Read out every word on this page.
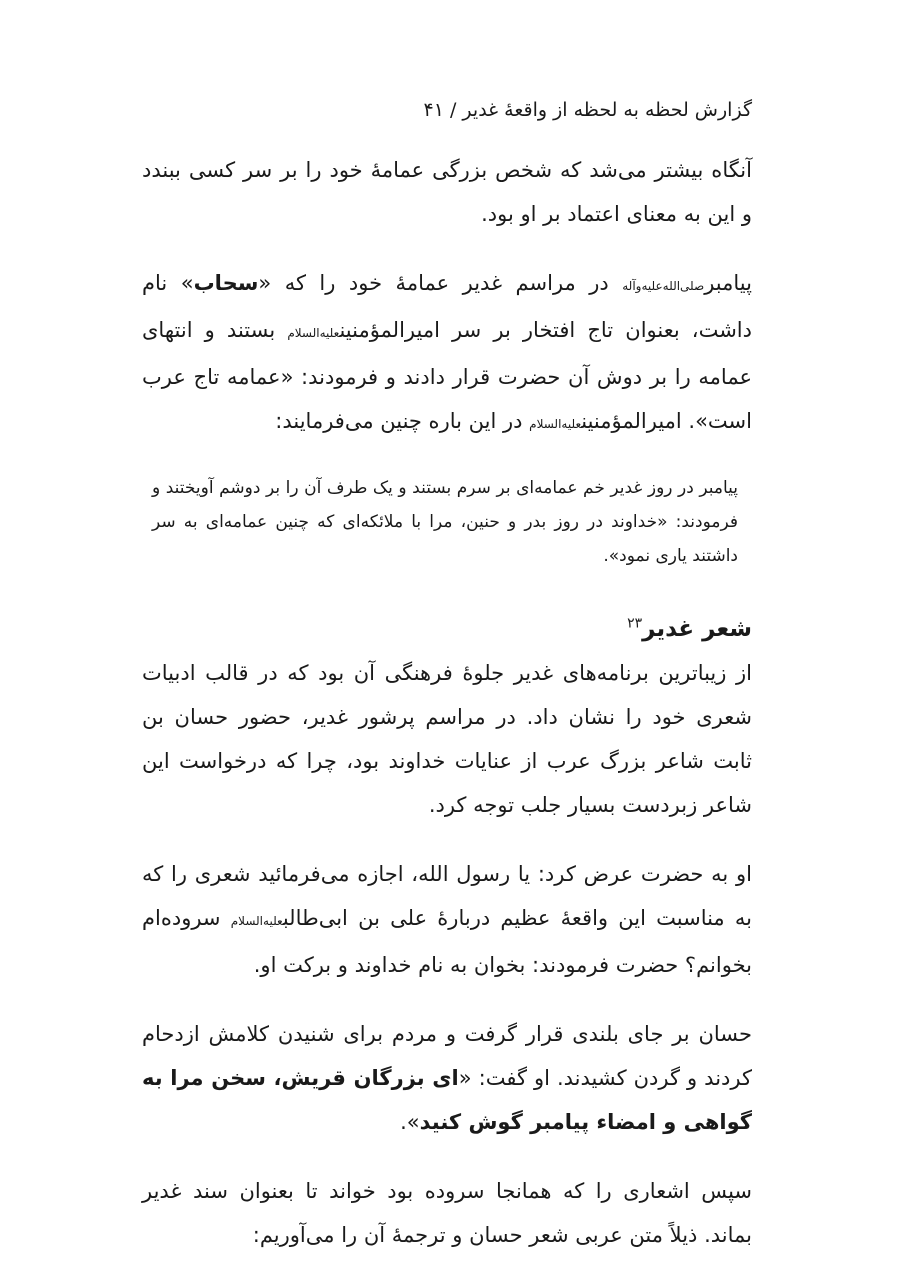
گزارش لحظه به لحظه از واقعۀ غدیر / ۴۱

آنگاه بیشتر می‌شد که شخص بزرگی عمامۀ خود را بر سر کسی ببندد و این به معنای اعتماد بر او بود.

پیامبرصلی‌الله‌علیه‌وآله در مراسم غدیر عمامۀ خود را که «سحاب» نام داشت، بعنوان تاج افتخار بر سر امیرالمؤمنینعلیه‌السلام بستند و انتهای عمامه را بر دوش آن حضرت قرار دادند و فرمودند: «عمامه تاج عرب است». امیرالمؤمنینعلیه‌السلام در این باره چنین می‌فرمایند:

پیامبر در روز غدیر خم عمامه‌ای بر سرم بستند و یک طرف آن را بر دوشم آویختند و فرمودند: «خداوند در روز بدر و حنین، مرا با ملائکه‌ای که چنین عمامه‌ای به سر داشتند یاری نمود».

شعر غدیر$^{۲۳}$

از زیباترین برنامه‌های غدیر جلوۀ فرهنگی آن بود که در قالب ادبیات شعری خود را نشان داد. در مراسم پرشور غدیر، حضور حسان بن ثابت شاعر بزرگ عرب از عنایات خداوند بود، چرا که درخواست این شاعر زبردست بسیار جلب توجه کرد.

او به حضرت عرض کرد: یا رسول الله، اجازه می‌فرمائید شعری را که به مناسبت این واقعۀ عظیم دربارۀ علی بن ابی‌طالبعلیه‌السلام سروده‌ام بخوانم؟ حضرت فرمودند: بخوان به نام خداوند و برکت او.

حسان بر جای بلندی قرار گرفت و مردم برای شنیدن کلامش ازدحام کردند و گردن کشیدند. او گفت: «ای بزرگان قریش، سخن مرا به گواهی و امضاء پیامبر گوش کنید».

سپس اشعاری را که همانجا سروده بود خواند تا بعنوان سند غدیر بماند. ذیلاً متن عربی شعر حسان و ترجمۀ آن را می‌آوریم:
